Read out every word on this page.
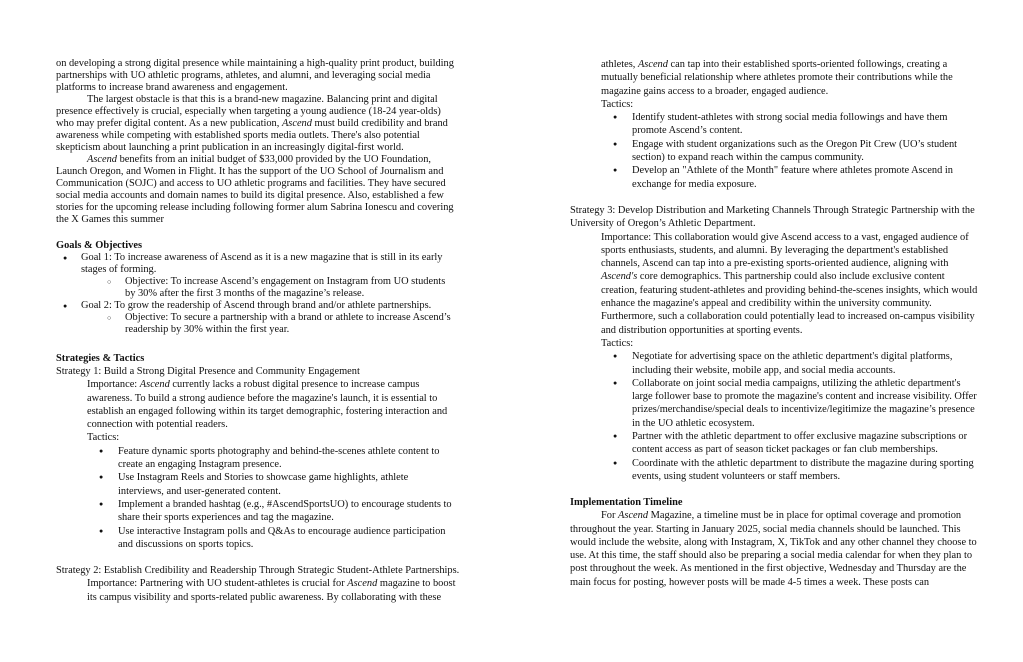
on developing a strong digital presence while maintaining a high-quality print product, building partnerships with UO athletic programs, athletes, and alumni, and leveraging social media platforms to increase brand awareness and engagement.

The largest obstacle is that this is a brand-new magazine. Balancing print and digital presence effectively is crucial, especially when targeting a young audience (18-24 year-olds) who may prefer digital content. As a new publication, Ascend must build credibility and brand awareness while competing with established sports media outlets. There's also potential skepticism about launching a print publication in an increasingly digital-first world.

Ascend benefits from an initial budget of $33,000 provided by the UO Foundation, Launch Oregon, and Women in Flight. It has the support of the UO School of Journalism and Communication (SOJC) and access to UO athletic programs and facilities. They have secured social media accounts and domain names to build its digital presence. Also, established a few stories for the upcoming release including following former alum Sabrina Ionescu and covering the X Games this summer

Goals & Objectives
● Goal 1: To increase awareness of Ascend as it is a new magazine that is still in its early stages of forming.
○ Objective: To increase Ascend’s engagement on Instagram from UO students by 30% after the first 3 months of the magazine’s release.
● Goal 2: To grow the readership of Ascend through brand and/or athlete partnerships.
○ Objective: To secure a partnership with a brand or athlete to increase Ascend’s readership by 30% within the first year.
Strategies & Tactics
Strategy 1: Build a Strong Digital Presence and Community Engagement
Importance: Ascend currently lacks a robust digital presence to increase campus awareness. To build a strong audience before the magazine's launch, it is essential to establish an engaged following within its target demographic, fostering interaction and connection with potential readers.
Tactics:
● Feature dynamic sports photography and behind-the-scenes athlete content to create an engaging Instagram presence.
● Use Instagram Reels and Stories to showcase game highlights, athlete interviews, and user-generated content.
● Implement a branded hashtag (e.g., #AscendSportsUO) to encourage students to share their sports experiences and tag the magazine.
● Use interactive Instagram polls and Q&As to encourage audience participation and discussions on sports topics.
Strategy 2: Establish Credibility and Readership Through Strategic Student-Athlete Partnerships.
Importance: Partnering with UO student-athletes is crucial for Ascend magazine to boost its campus visibility and sports-related public awareness. By collaborating with these
athletes, Ascend can tap into their established sports-oriented followings, creating a mutually beneficial relationship where athletes promote their contributions while the magazine gains access to a broader, engaged audience.
Tactics:
● Identify student-athletes with strong social media followings and have them promote Ascend’s content.
● Engage with student organizations such as the Oregon Pit Crew (UO’s student section) to expand reach within the campus community.
● Develop an "Athlete of the Month" feature where athletes promote Ascend in exchange for media exposure.
Strategy 3: Develop Distribution and Marketing Channels Through Strategic Partnership with the University of Oregon’s Athletic Department.
Importance: This collaboration would give Ascend access to a vast, engaged audience of sports enthusiasts, students, and alumni. By leveraging the department's established channels, Ascend can tap into a pre-existing sports-oriented audience, aligning with Ascend's core demographics. This partnership could also include exclusive content creation, featuring student-athletes and providing behind-the-scenes insights, which would enhance the magazine's appeal and credibility within the university community. Furthermore, such a collaboration could potentially lead to increased on-campus visibility and distribution opportunities at sporting events.
Tactics:
● Negotiate for advertising space on the athletic department's digital platforms, including their website, mobile app, and social media accounts.
● Collaborate on joint social media campaigns, utilizing the athletic department's large follower base to promote the magazine's content and increase visibility. Offer prizes/merchandise/special deals to incentivize/legitimize the magazine’s presence in the UO athletic ecosystem.
● Partner with the athletic department to offer exclusive magazine subscriptions or content access as part of season ticket packages or fan club memberships.
● Coordinate with the athletic department to distribute the magazine during sporting events, using student volunteers or staff members.
Implementation Timeline
For Ascend Magazine, a timeline must be in place for optimal coverage and promotion throughout the year. Starting in January 2025, social media channels should be launched. This would include the website, along with Instagram, X, TikTok and any other channel they choose to use. At this time, the staff should also be preparing a social media calendar for when they plan to post throughout the week. As mentioned in the first objective, Wednesday and Thursday are the main focus for posting, however posts will be made 4-5 times a week. These posts can
